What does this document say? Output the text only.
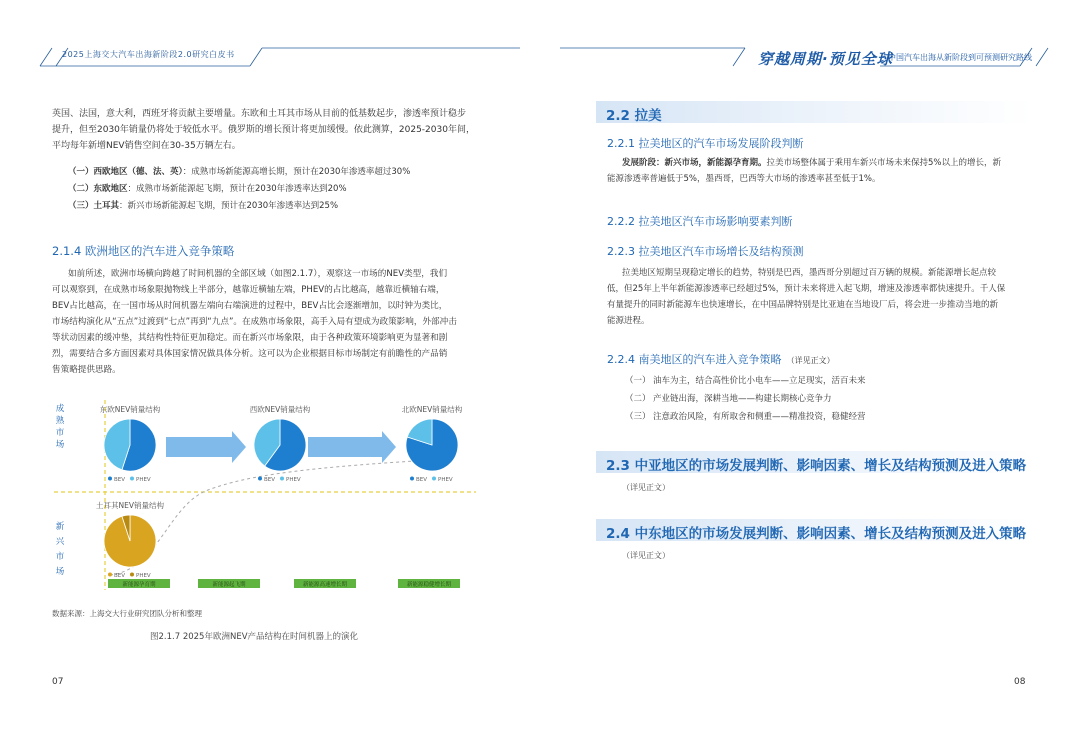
2025上海交大汽车出海新阶段2.0研究白皮书	穿越周期·预见全球
中国汽车出海从新阶段到可预测研究路线
英国、法国，意大利，西班牙将贡献主要增量。东欧和土耳其市场从目前的低基数起步，渗透率预计稳步
提升，但至2030年销量仍将处于较低水平。俄罗斯的增长预计将更加缓慢。依此测算，2025-2030年间，
平均每年新增NEV销售空间在30-35万辆左右。
（一）西欧地区（德、法、英）：成熟市场新能源高增长期，预计在2030年渗透率超过30%
（二）东欧地区：成熟市场新能源起飞期，预计在2030年渗透率达到20%
（三）土耳其：新兴市场新能源起飞期，预计在2030年渗透率达到25%
2.1.4 欧洲地区的汽车进入竞争策略
如前所述，欧洲市场横向跨越了时间机器的全部区域（如图2.1.7），观察这一市场的NEV类型，我们
可以观察到，在成熟市场象限抛物线上半部分，越靠近横轴左端，PHEV的占比越高，越靠近横轴右端，
BEV占比越高，在一国市场从时间机器左端向右端演进的过程中，BEV占比会逐渐增加，以时钟为类比，
市场结构演化从“五点”过渡到“七点”再到“九点”。在成熟市场象限，高手入局有望成为政策影响，外部冲击
等状动因素的缓冲垫，其结构性特征更加稳定。而在新兴市场象限，由于各种政策环境影响更为显著和剧
烈，需要结合多方面因素对具体国家情况做具体分析。这可以为企业根据目标市场制定有前瞻性的产品销
售策略提供思路。
成
熟
市
场
新
兴
市
场
东欧NEV销量结构
BEV PHEV
西欧NEV销量结构
BEV PHEV
北欧NEV销量结构
BEV PHEV
土耳其NEV销量结构
BEV PHEV
新能源孕育期	新能源起飞期	新能源高速增长期	新能源稳健增长期
数据来源：上海交大行业研究团队分析和整理
图2.1.7 2025年欧洲NEV产品结构在时间机器上的演化
07
2.2 拉美
2.2.1 拉美地区的汽车市场发展阶段判断
发展阶段：新兴市场，新能源孕育期。拉美市场整体属于乘用车新兴市场未来保持5%以上的增长，新
能源渗透率普遍低于5%，墨西哥，巴西等大市场的渗透率甚至低于1%。
2.2.2 拉美地区汽车市场影响要素判断
2.2.3 拉美地区汽车市场增长及结构预测
拉美地区短期呈现稳定增长的趋势，特别是巴西，墨西哥分别超过百万辆的规模。新能源增长起点较
低，但25年上半年新能源渗透率已经超过5%，预计未来将进入起飞期，增速及渗透率都快速提升。千人保
有量提升的同时新能源车也快速增长，在中国品牌特别是比亚迪在当地设厂后，将会进一步推动当地的新
能源进程。
2.2.4 南美地区的汽车进入竞争策略 （详见正文）
（一） 油车为主，结合高性价比小电车——立足现实，活百未来
（二） 产业链出海，深耕当地——构建长期核心竞争力
（三） 注意政治风险，有所取舍和侧重——精准投资，稳健经营
2.3 中亚地区的市场发展判断、影响因素、增长及结构预测及进入策略
（详见正文）
2.4 中东地区的市场发展判断、影响因素、增长及结构预测及进入策略
（详见正文）
08
